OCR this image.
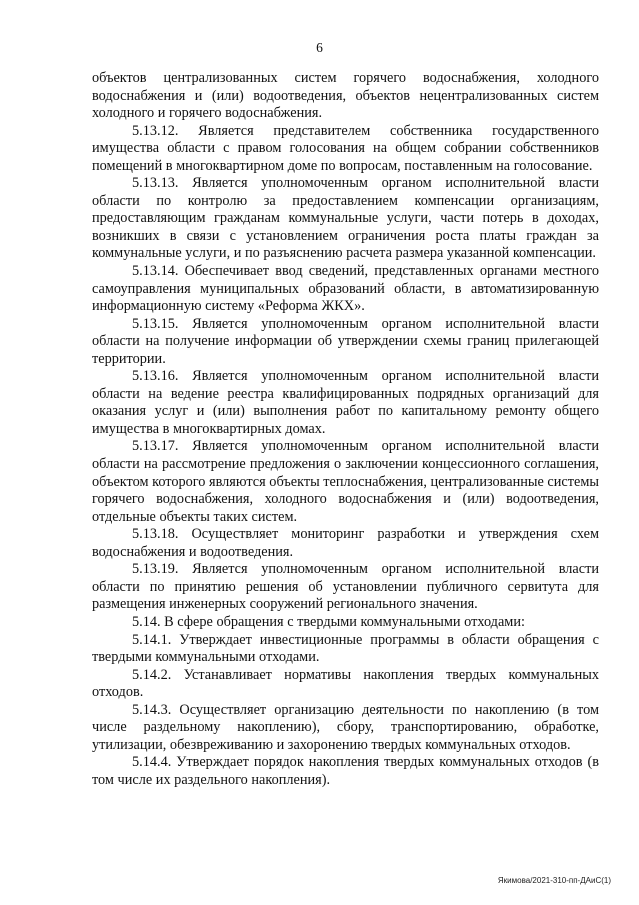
6

объектов централизованных систем горячего водоснабжения, холодного водоснабжения и (или) водоотведения, объектов нецентрализованных систем холодного и горячего водоснабжения.

5.13.12. Является представителем собственника государственного имущества области с правом голосования на общем собрании собственников помещений в многоквартирном доме по вопросам, поставленным на голосование.

5.13.13. Является уполномоченным органом исполнительной власти области по контролю за предоставлением компенсации организациям, предоставляющим гражданам коммунальные услуги, части потерь в доходах, возникших в связи с установлением ограничения роста платы граждан за коммунальные услуги, и по разъяснению расчета размера указанной компенсации.

5.13.14. Обеспечивает ввод сведений, представленных органами местного самоуправления муниципальных образований области, в автоматизированную информационную систему «Реформа ЖКХ».

5.13.15. Является уполномоченным органом исполнительной власти области на получение информации об утверждении схемы границ прилегающей территории.

5.13.16. Является уполномоченным органом исполнительной власти области на ведение реестра квалифицированных подрядных организаций для оказания услуг и (или) выполнения работ по капитальному ремонту общего имущества в многоквартирных домах.

5.13.17. Является уполномоченным органом исполнительной власти области на рассмотрение предложения о заключении концессионного соглашения, объектом которого являются объекты теплоснабжения, централизованные системы горячего водоснабжения, холодного водоснабжения и (или) водоотведения, отдельные объекты таких систем.

5.13.18. Осуществляет мониторинг разработки и утверждения схем водоснабжения и водоотведения.

5.13.19. Является уполномоченным органом исполнительной власти области по принятию решения об установлении публичного сервитута для размещения инженерных сооружений регионального значения.

5.14. В сфере обращения с твердыми коммунальными отходами:

5.14.1. Утверждает инвестиционные программы в области обращения с твердыми коммунальными отходами.

5.14.2. Устанавливает нормативы накопления твердых коммунальных отходов.

5.14.3. Осуществляет организацию деятельности по накоплению (в том числе раздельному накоплению), сбору, транспортированию, обработке, утилизации, обезвреживанию и захоронению твердых коммунальных отходов.

5.14.4. Утверждает порядок накопления твердых коммунальных отходов (в том числе их раздельного накопления).

Якимова/2021-310-пп-ДАиС(1)
